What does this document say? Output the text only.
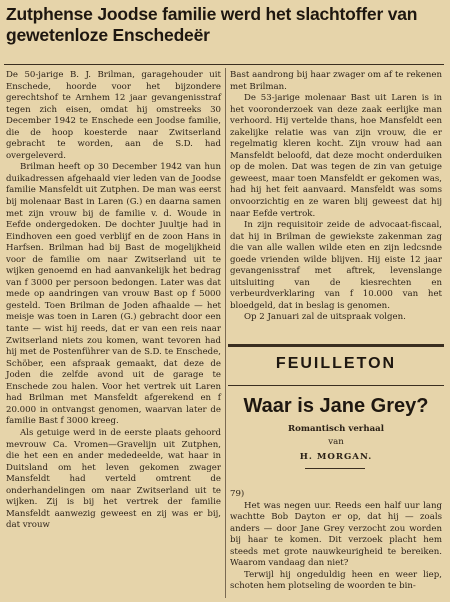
Zutphense Joodse familie werd het slachtoffer van gewetenloze Enschedeër

De 50-jarige B. J. Brilman, garagehouder uit Enschede, hoorde voor het bijzondere gerechtshof te Arnhem 12 jaar gevangenisstraf tegen zich eisen, omdat hij omstreeks 30 December 1942 te Enschede een Joodse familie, die de hoop koesterde naar Zwitserland gebracht te worden, aan de S.D. had overgeleverd.

Brilman heeft op 30 December 1942 van hun duikadressen afgehaald vier leden van de Joodse familie Mansfeldt uit Zutphen. De man was eerst bij molenaar Bast in Laren (G.) en daarna samen met zijn vrouw bij de familie v. d. Woude in Eefde ondergedoken. De dochter Juultje had in Eindhoven een goed verblijf en de zoon Hans in Harfsen. Brilman had bij Bast de mogelijkheid voor de familie om naar Zwitserland uit te wijken genoemd en had aanvankelijk het bedrag van f 3000 per persoon bedongen. Later was dat mede op aandringen van vrouw Bast op f 5000 gesteld. Toen Brilman de Joden afhaalde — het meisje was toen in Laren (G.) gebracht door een tante — wist hij reeds, dat er van een reis naar Zwitserland niets zou komen, want tevoren had hij met de Postenführer van de S.D. te Enschede, Schöber, een afspraak gemaakt, dat deze de Joden die zelfde avond uit de garage te Enschede zou halen. Voor het vertrek uit Laren had Brilman met Mansfeldt afgerekend en f 20.000 in ontvangst genomen, waarvan later de familie Bast f 3000 kreeg.

Als getuige werd in de eerste plaats gehoord mevrouw Ca. Vromen—Gravelijn uit Zutphen, die het een en ander mededeelde, wat haar in Duitsland om het leven gekomen zwager Mansfeldt had verteld omtrent de onderhandelingen om naar Zwitserland uit te wijken. Zij is bij het vertrek der familie Mansfeldt aanwezig geweest en zij was er bij, dat vrouw

Bast aandrong bij haar zwager om af te rekenen met Brilman.

De 53-jarige molenaar Bast uit Laren is in het vooronderzoek van deze zaak eerlijke man verhoord. Hij vertelde thans, hoe Mansfeldt een zakelijke relatie was van zijn vrouw, die er regelmatig kleren kocht. Zijn vrouw had aan Mansfeldt beloofd, dat deze mocht onderduiken op de molen. Dat was tegen de zin van getuige geweest, maar toen Mansfeldt er gekomen was, had hij het feit aanvaard. Mansfeldt was soms onvoorzichtig en ze waren blij geweest dat hij naar Eefde vertrok.

In zijn requisitoir zeide de advocaat-fiscaal, dat hij in Brilman de gewiekste zakenman zag die van alle wallen wilde eten en zijn ledcsnde goede vrienden wilde blijven. Hij eiste 12 jaar gevangenisstraf met aftrek, levenslange uitsluiting van de kiesrechten en verbeurdverklaring van f 10.000 van het bloedgeld, dat in beslag is genomen.

Op 2 Januari zal de uitspraak volgen.

FEUILLETON
Waar is Jane Grey?
Romantisch verhaal
van
H. MORGAN.

79)

Het was negen uur. Reeds een half uur lang wachtte Bob Dayton er op, dat hij — zoals anders — door Jane Grey verzocht zou worden bij haar te komen. Dit verzoek placht hem steeds met grote nauwkeurigheid te bereiken. Waarom vandaag dan niet?

Terwijl hij ongeduldig heen en weer liep, schoten hem plotseling de woorden te bin-
